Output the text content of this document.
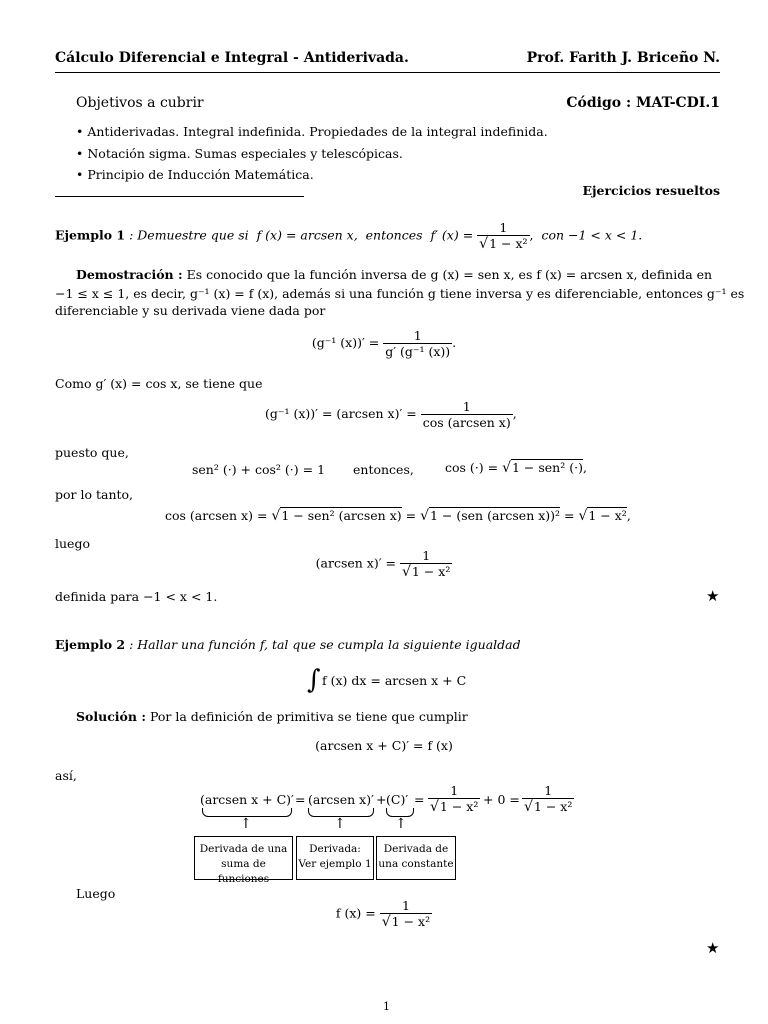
Cálculo Diferencial e Integral - Antiderivada.	Prof. Farith J. Briceño N.
Objetivos a cubrir	Código : MAT-CDI.1
• Antiderivadas. Integral indefinida. Propiedades de la integral indefinida.
• Notación sigma. Sumas especiales y telescópicas.
• Principio de Inducción Matemática.
Ejercicios resueltos
Ejemplo 1 : Demuestre que si f (x) = arcsen x, entonces f′ $(x) = \frac{1}{\text{√1 − x²}}$ ,  con −1 < x < 1.
Demostración : Es conocido que la función inversa de g (x) = sen x, es f (x) = arcsen x, definida en
−1 ≤ x ≤ 1, es decir, g⁻¹ (x) = f (x), además si una función g tiene inversa y es diferenciable, entonces g⁻¹ es
diferenciable y su derivada viene dada por
(g⁻¹ $(x))' = \frac{1}{\text{g′ (g⁻¹ (x))}}$ .
Como g′ (x) = cos x, se tiene que
(g⁻¹ (x))′ = (arcsen $x)' = \frac{1}{\text{cos (arcsen x)}}$ ,
puesto que,
sen² (·) + cos² (·) = 1 entonces, cos (·) = √1 − sen² (·),
por lo tanto,
cos (arcsen x) = √1 − sen² (arcsen x) = √1 − (sen (arcsen x))² = √1 − x²,
luego
(arcsen $x)' = \frac{1}{\text{√1 − x²}}$
definida para −1 < x < 1.	★
Ejemplo 2 : Hallar una función f, tal que se cumpla la siguiente igualdad
∫ f (x) dx = arcsen x + C
Solución : Por la definición de primitiva se tiene que cumplir
(arcsen x + C)′ = f (x)
así,
(arcsen x + C)′ = (arcsen $x)' + (C)' = \frac{1}{\text{√1 − x²}} + 0 = \frac{1}{\text{√1 − x²}}$
↑	↑	↑
Derivada de una
suma de funciones
Derivada:
Ver ejemplo 1
Derivada de
una constante
Luego
f $(x) = \frac{1}{\text{√1 − x²}}$
★
1
